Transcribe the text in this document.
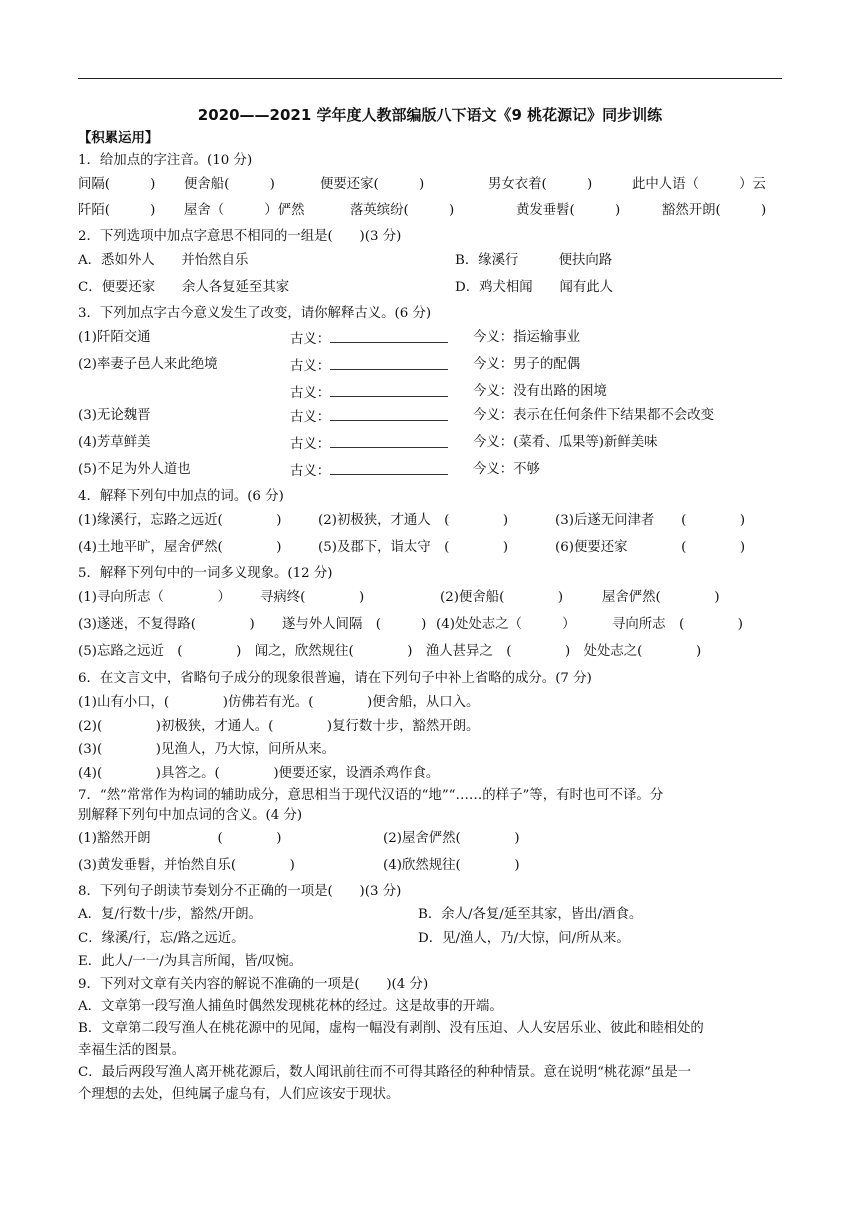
2020——2021 学年度人教部编版八下语文《9 桃花源记》同步训练
【积累运用】
1．给加点的字注音。(10 分)
间隔(　　　) 便舍船(　　　)	便要还家(　　　)	男女衣着(　　　)	此中人语（　　　）云
阡陌(　　　) 屋舍（　　　）俨然	落英缤纷(　　　)	黄发垂髫(　　　)	豁然开朗(　　　)
2．下列选项中加点字意思不相同的一组是(　　)(3 分)
A．悉如外人　　并怡然自乐	B．缘溪行　　　便扶向路
C．便要还家　　余人各复延至其家	D．鸡犬相闻　　闻有此人
3．下列加点字古今意义发生了改变，请你解释古义。(6 分)
(1)阡陌交通	古义：	今义：指运输事业
(2)率妻子邑人来此绝境	古义：	今义：男子的配偶
古义：	今义：没有出路的困境
(3)无论魏晋	古义：	今义：表示在任何条件下结果都不会改变
(4)芳草鲜美	古义：	今义：(菜肴、瓜果等)新鲜美味
(5)不足为外人道也	古义：	今义：不够
4．解释下列句中加点的词。(6 分)
(1)缘溪行，忘路之远近(　　　　)	(2)初极狭，才通人　(　　　　)	(3)后遂无问津者　　(　　　　)
(4)土地平旷，屋舍俨然(　　　　)	(5)及郡下，诣太守　(　　　　)	(6)便要还家　　　　(　　　　)
5．解释下列句中的一词多义现象。(12 分)
(1)寻向所志（　　　　） 寻病终(　　　　)	(2)便舍船(　　　　)	屋舍俨然(　　　　)
(3)遂迷，不复得路(　　　　) 遂与外人间隔　(　　　) (4)处处志之（　　　）	寻向所志　(　　　　)
(5)忘路之远近　(　　　　)　闻之，欣然规往(　　　　)　渔人甚异之　(　　　　)　处处志之(　　　　)
6．在文言文中，省略句子成分的现象很普遍，请在下列句子中补上省略的成分。(7 分)
(1)山有小口，(　　　　)仿佛若有光。(　　　　)便舍船，从口入。
(2)(　　　　)初极狭，才通人。(　　　　)复行数十步，豁然开朗。
(3)(　　　　)见渔人，乃大惊，问所从来。
(4)(　　　　)具答之。(　　　　)便要还家，设酒杀鸡作食。
7．“然”常常作为构词的辅助成分，意思相当于现代汉语的“地”“……的样子”等，有时也可不译。分
别解释下列句中加点词的含义。(4 分)
(1)豁然开朗　　　　　(　　　　)	(2)屋舍俨然(　　　　)
(3)黄发垂髫，并怡然自乐(　　　　)	(4)欣然规往(　　　　)
8．下列句子朗读节奏划分不正确的一项是(　　)(3 分)
A．复/行数十/步，豁然/开朗。	B．余人/各复/延至其家，皆出/酒食。
C．缘溪/行，忘/路之远近。	D．见/渔人，乃/大惊，问/所从来。
E．此人/一一/为具言所闻，皆/叹惋。
9．下列对文章有关内容的解说不准确的一项是(　　)(4 分)
A．文章第一段写渔人捕鱼时偶然发现桃花林的经过。这是故事的开端。
B．文章第二段写渔人在桃花源中的见闻，虚构一幅没有剥削、没有压迫、人人安居乐业、彼此和睦相处的
幸福生活的图景。
C．最后两段写渔人离开桃花源后，数人闻讯前往而不可得其路径的种种情景。意在说明“桃花源”虽是一
个理想的去处，但纯属子虚乌有，人们应该安于现状。
